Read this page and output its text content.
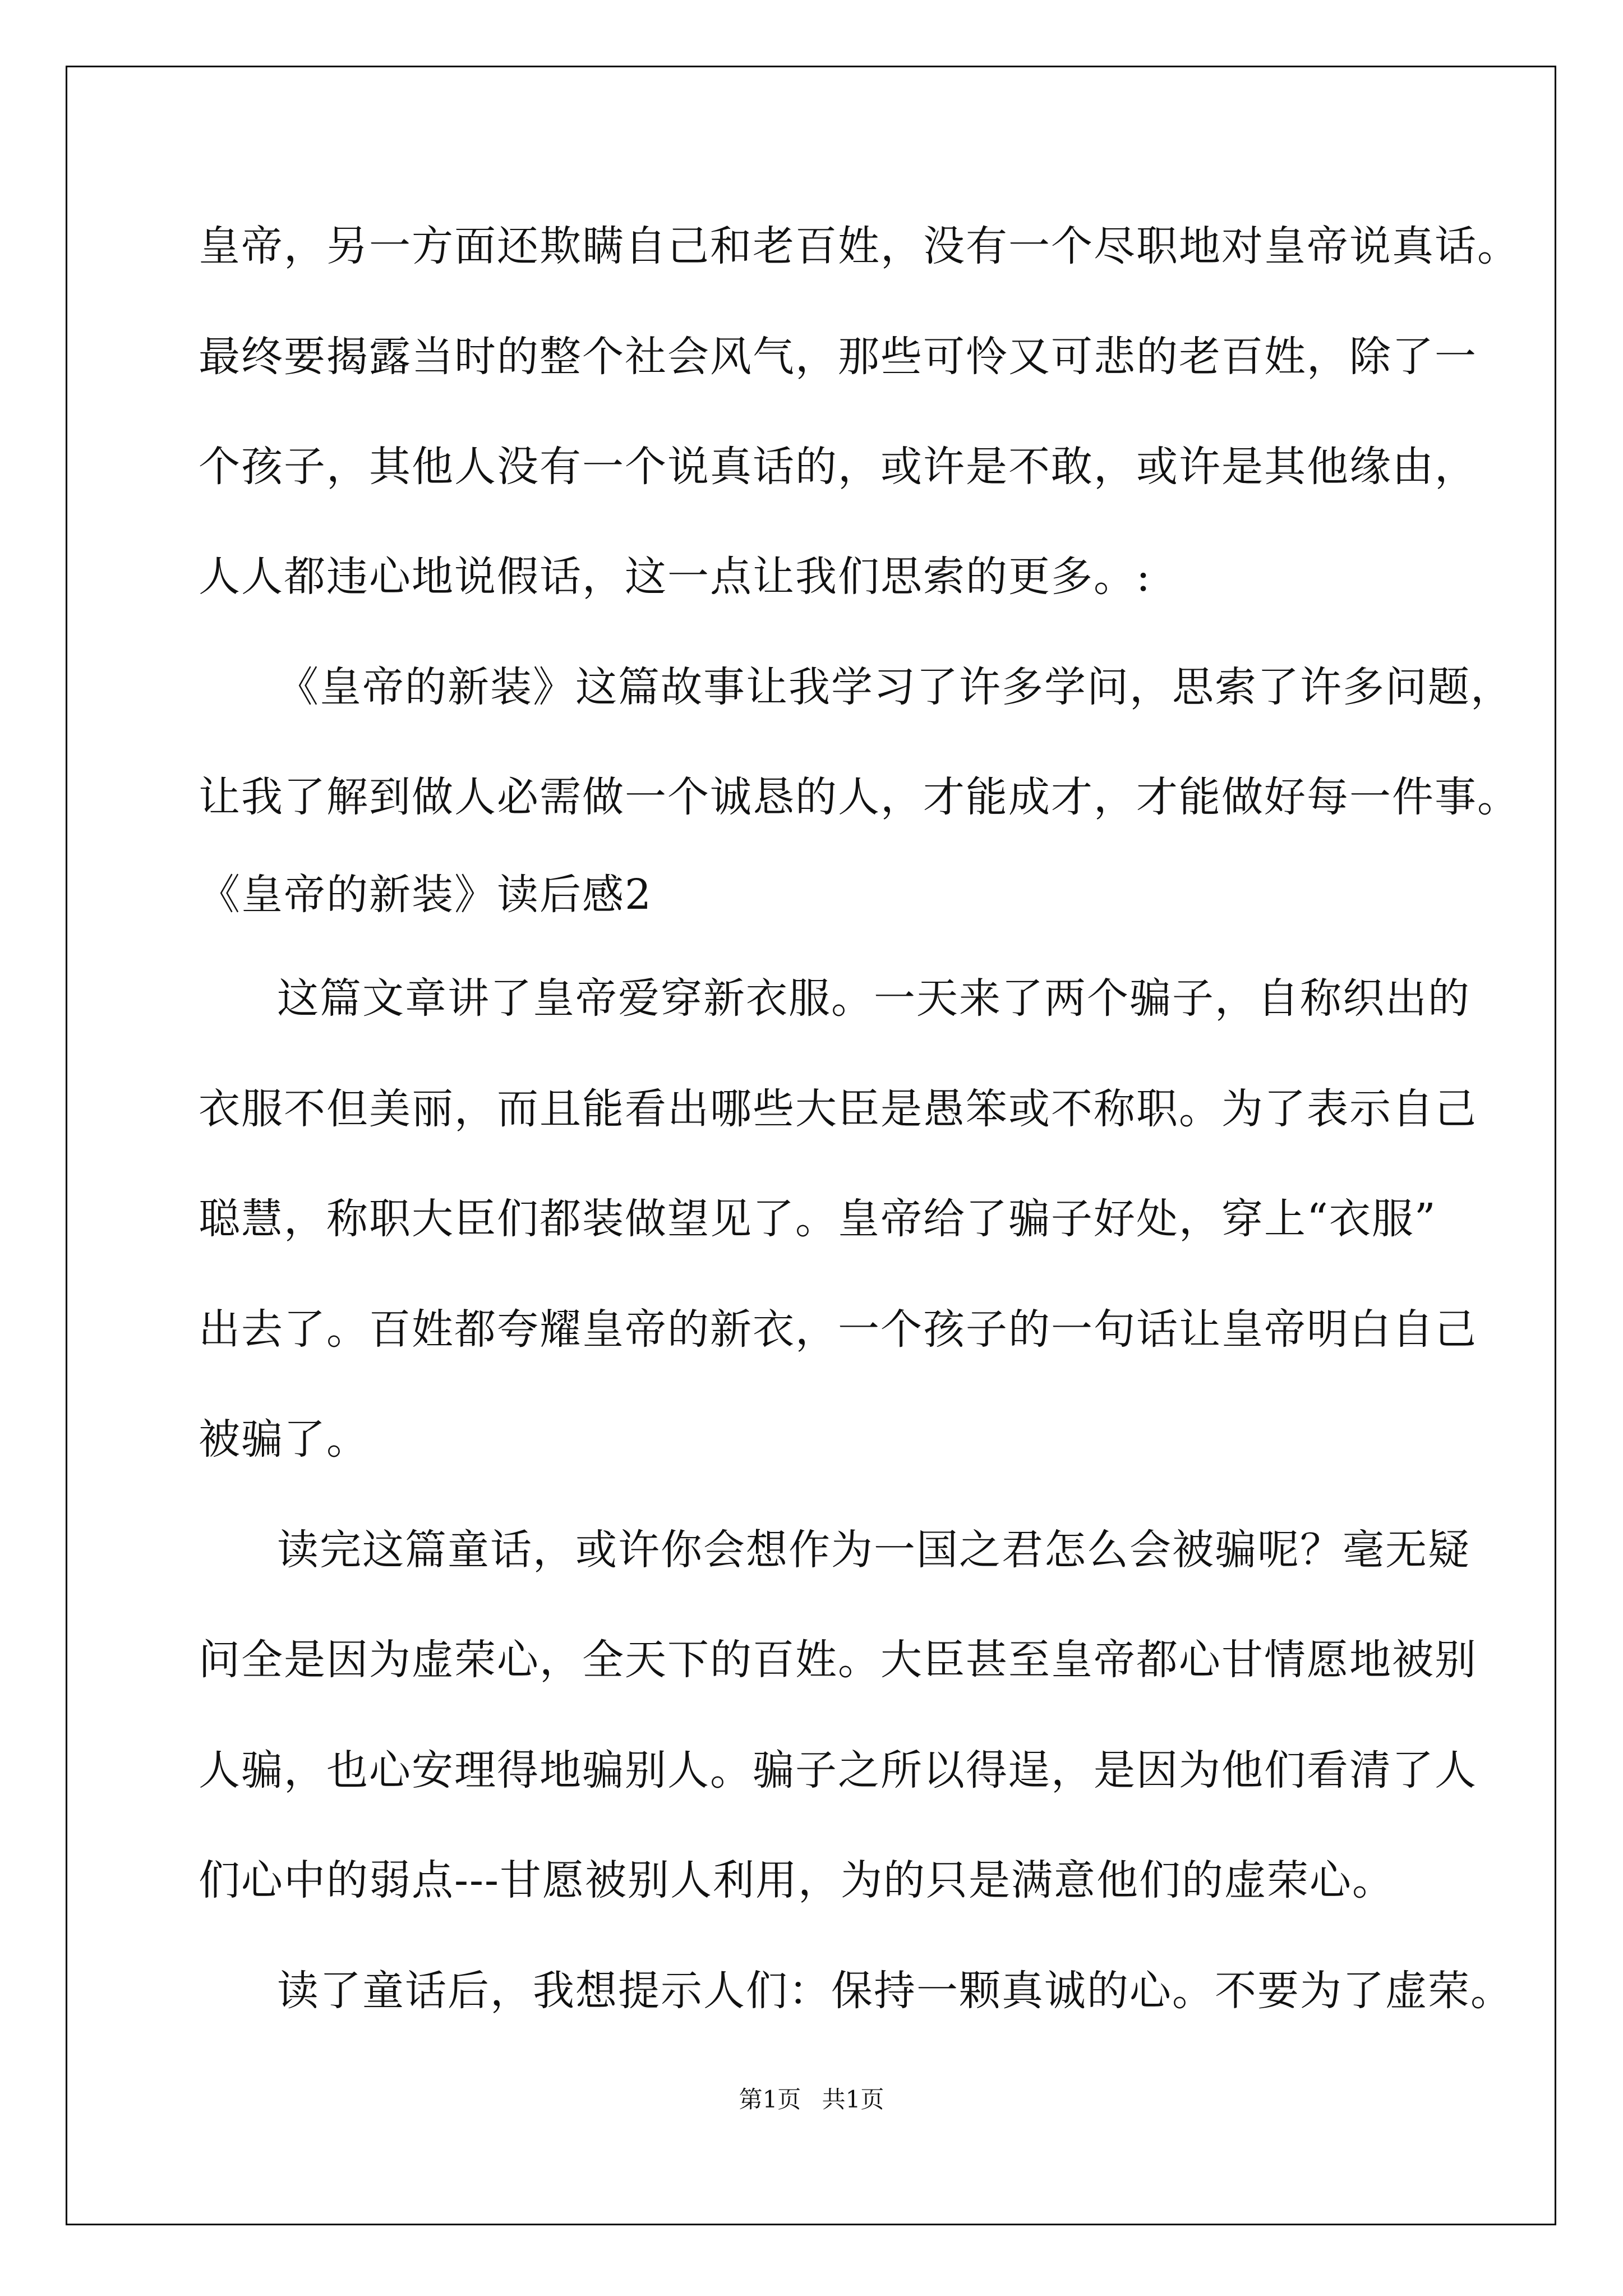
皇帝，另一方面还欺瞒自己和老百姓，没有一个尽职地对皇帝说真话。

最终要揭露当时的整个社会风气，那些可怜又可悲的老百姓，除了一

个孩子，其他人没有一个说真话的，或许是不敢，或许是其他缘由，

人人都违心地说假话，这一点让我们思索的更多。:

《皇帝的新装》这篇故事让我学习了许多学问，思索了许多问题，

让我了解到做人必需做一个诚恳的人，才能成才，才能做好每一件事。

《皇帝的新装》读后感2

这篇文章讲了皇帝爱穿新衣服。一天来了两个骗子，自称织出的

衣服不但美丽，而且能看出哪些大臣是愚笨或不称职。为了表示自己

聪慧，称职大臣们都装做望见了。皇帝给了骗子好处，穿上“衣服”

出去了。百姓都夸耀皇帝的新衣，一个孩子的一句话让皇帝明白自己

被骗了。

读完这篇童话，或许你会想作为一国之君怎么会被骗呢？毫无疑

问全是因为虚荣心，全天下的百姓。大臣甚至皇帝都心甘情愿地被别

人骗，也心安理得地骗别人。骗子之所以得逞，是因为他们看清了人

们心中的弱点---甘愿被别人利用，为的只是满意他们的虚荣心。

读了童话后，我想提示人们：保持一颗真诚的心。不要为了虚荣。

第1页 共1页
